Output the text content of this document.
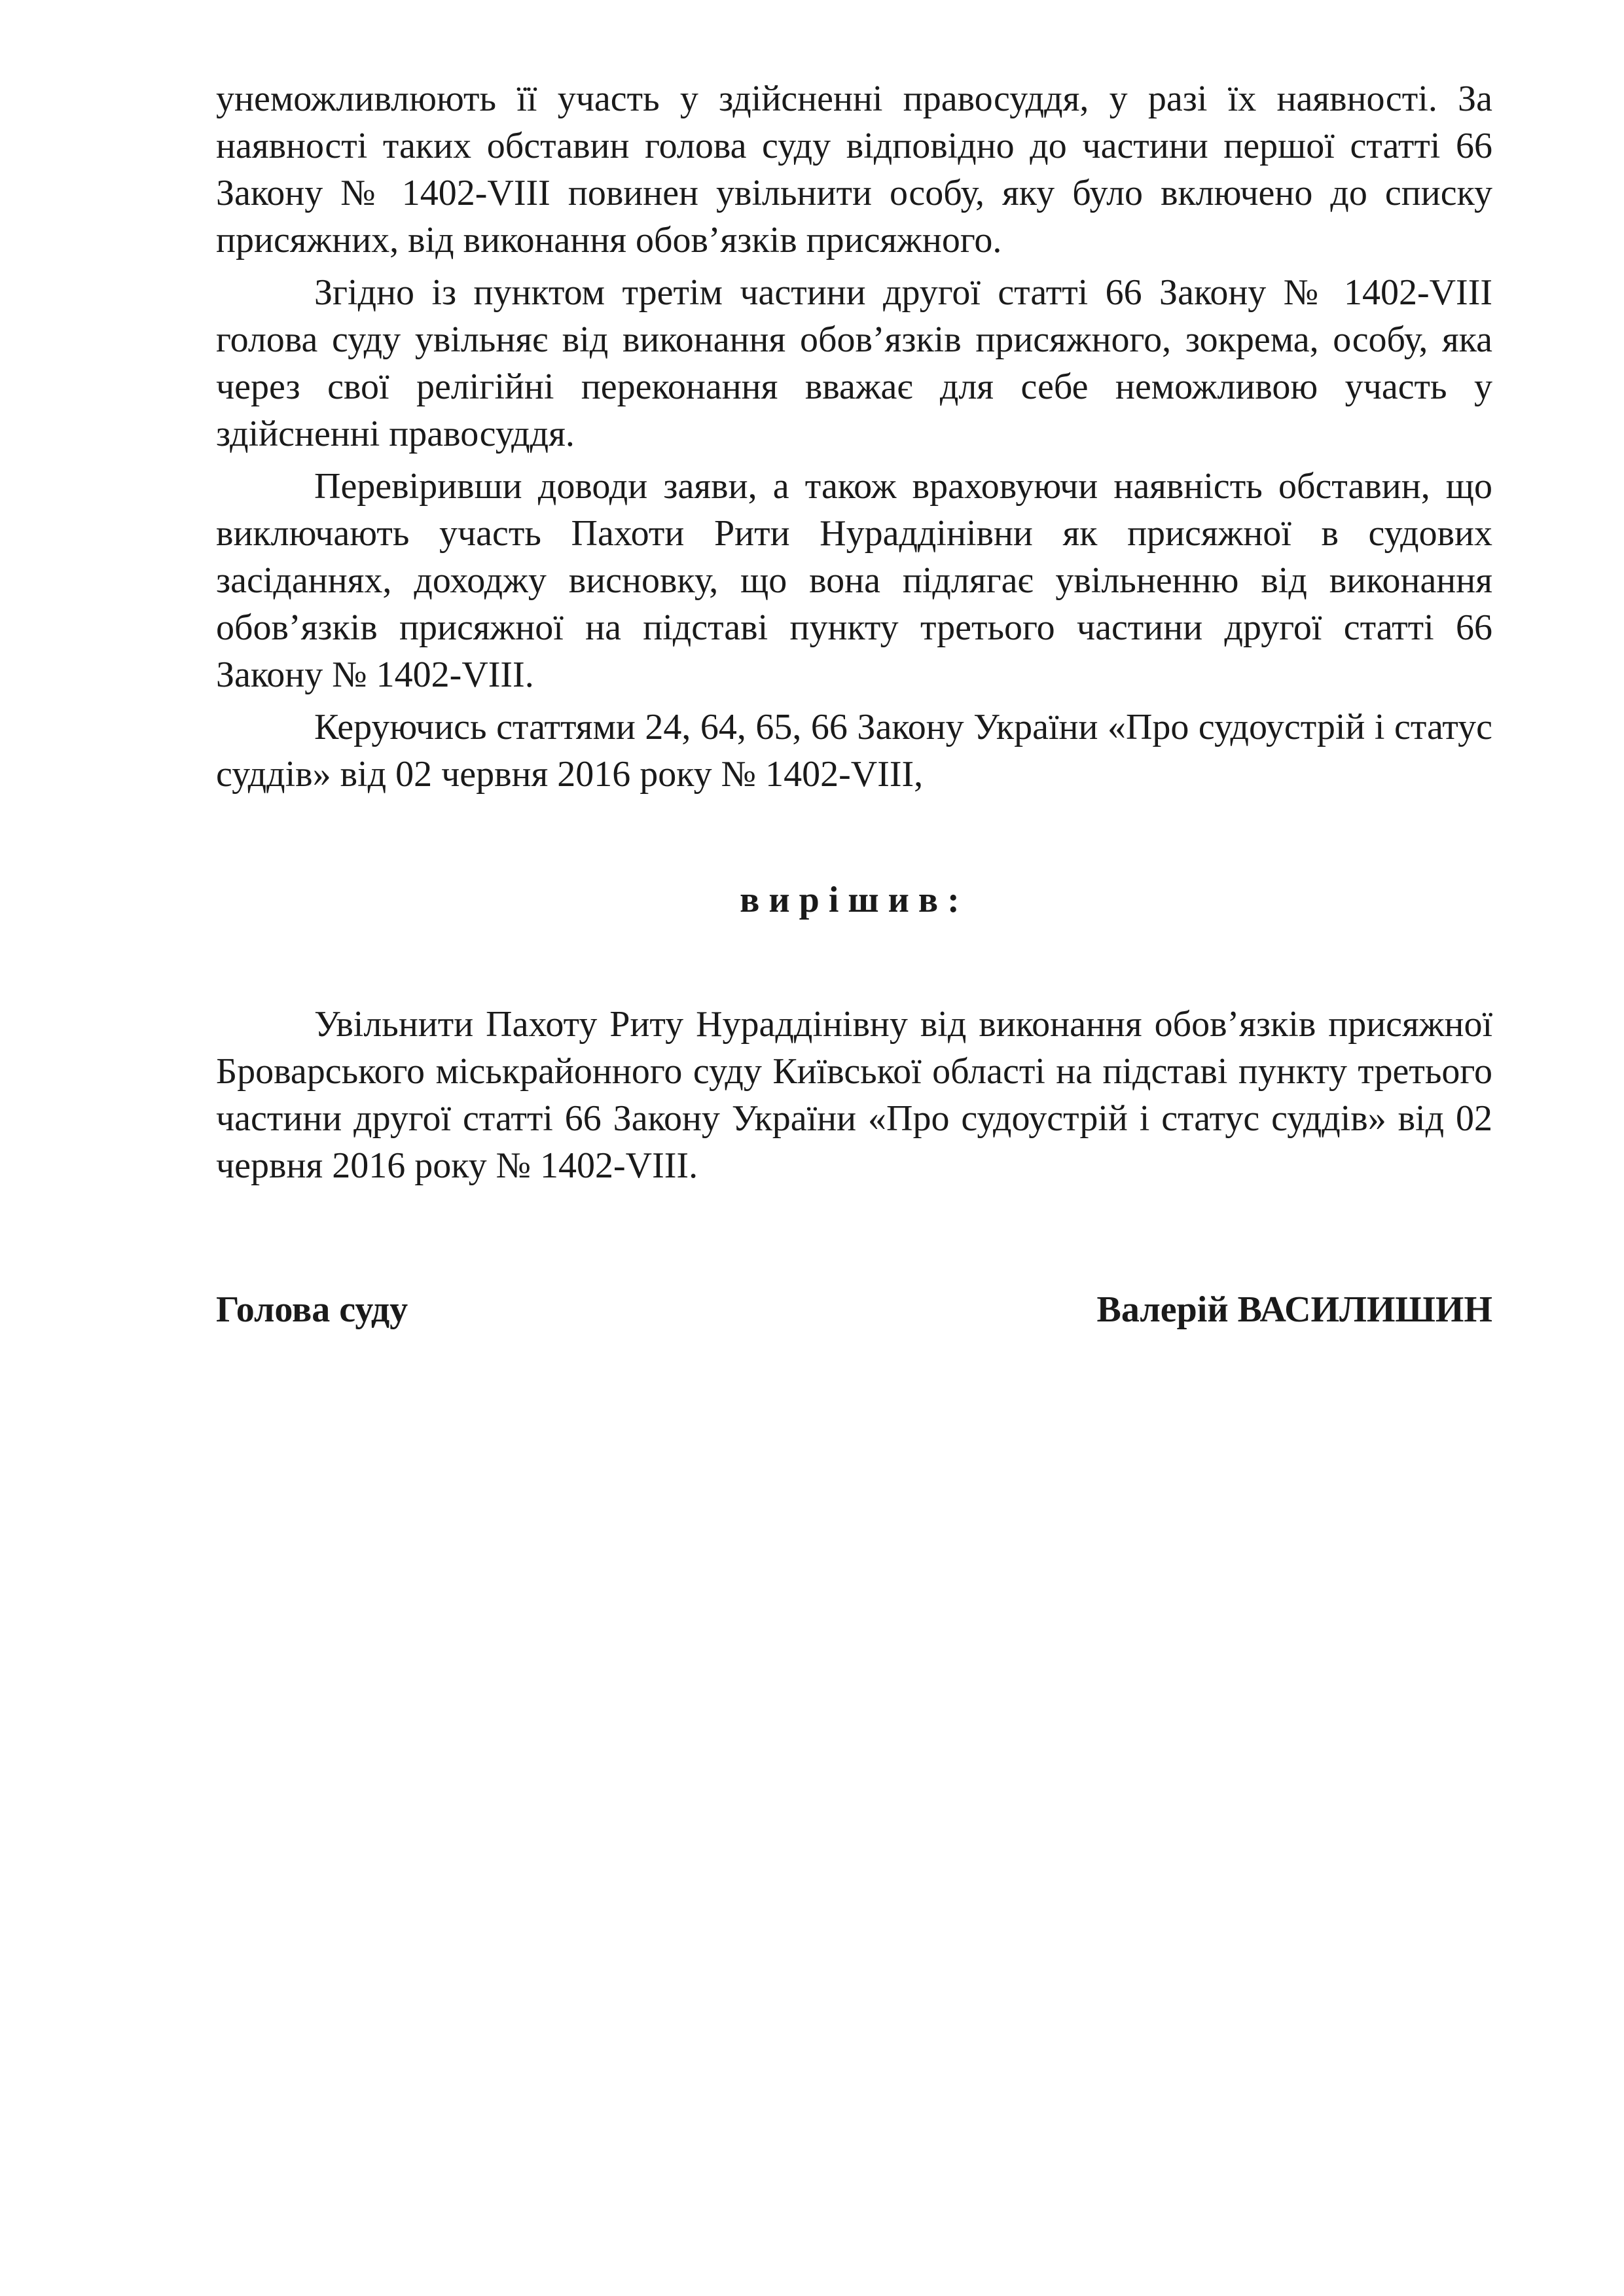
унеможливлюють її участь у здійсненні правосуддя, у разі їх наявності. За наявності таких обставин голова суду відповідно до частини першої статті 66 Закону № 1402-VIII повинен увільнити особу, яку було включено до списку присяжних, від виконання обов’язків присяжного.

Згідно із пунктом третім частини другої статті 66 Закону № 1402-VIII голова суду увільняє від виконання обов’язків присяжного, зокрема, особу, яка через свої релігійні переконання вважає для себе неможливою участь у здійсненні правосуддя.

Перевіривши доводи заяви, а також враховуючи наявність обставин, що виключають участь Пахоти Рити Нураддінівни як присяжної в судових засіданнях, доходжу висновку, що вона підлягає увільненню від виконання обов’язків присяжної на підставі пункту третього частини другої статті 66 Закону № 1402-VIII.

Керуючись статтями 24, 64, 65, 66 Закону України «Про судоустрій і статус суддів» від 02 червня 2016 року № 1402-VIII,

вирішив:

Увільнити Пахоту Риту Нураддінівну від виконання обов’язків присяжної Броварського міськрайонного суду Київської області на підставі пункту третього частини другої статті 66 Закону України «Про судоустрій і статус суддів» від 02 червня 2016 року № 1402-VIII.

Голова суду	Валерій ВАСИЛИШИН
